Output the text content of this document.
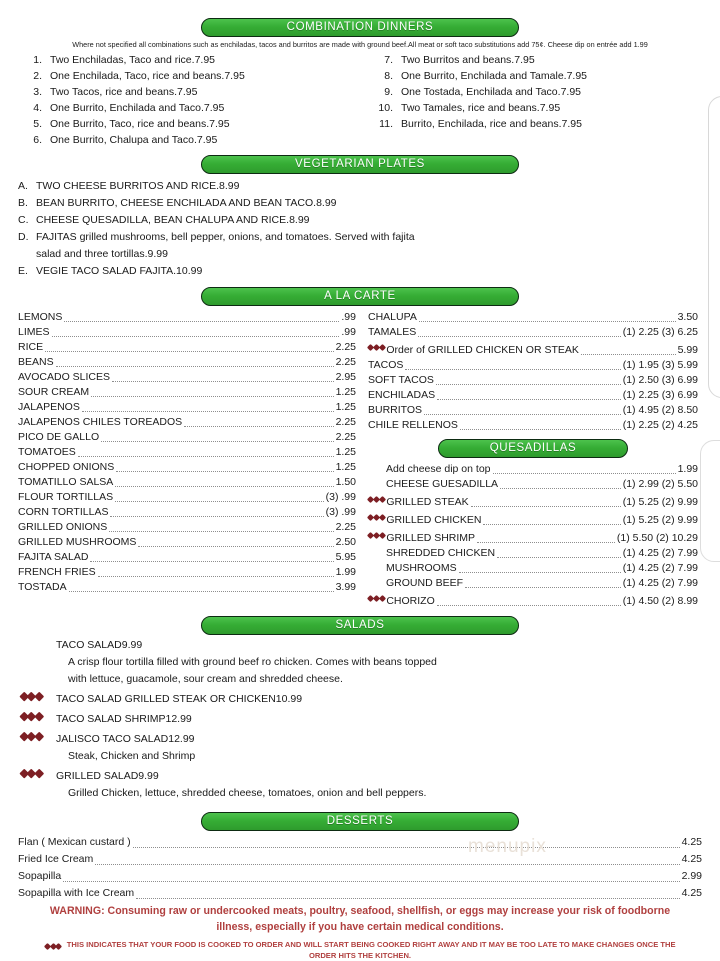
menupix
COMBINATION DINNERS
Where not specified all combinations such as enchiladas, tacos and burritos are made with ground beef.All meat or soft taco substitutions add 75¢. Cheese dip on entrée add 1.99
1. Two Enchiladas, Taco and rice. 7.95
2. One Enchilada, Taco, rice and beans. 7.95
3. Two Tacos, rice and beans. 7.95
4. One Burrito, Enchilada and Taco. 7.95
5. One Burrito, Taco, rice and beans. 7.95
6. One Burrito, Chalupa and Taco. 7.95
7. Two Burritos and beans. 7.95
8. One Burrito, Enchilada and Tamale. 7.95
9. One Tostada, Enchilada and Taco. 7.95
10. Two Tamales, rice and beans. 7.95
11. Burrito, Enchilada, rice and beans. 7.95
VEGETARIAN PLATES
A. TWO CHEESE BURRITOS AND RICE. 8.99
B. BEAN BURRITO, CHEESE ENCHILADA AND BEAN TACO. 8.99
C. CHEESE QUESADILLA, BEAN CHALUPA AND RICE. 8.99
D. FAJITAS grilled mushrooms, bell pepper, onions, and tomatoes. Served with fajita
salad and three tortillas. 9.99
E. VEGIE TACO SALAD FAJITA. 10.99
A LA CARTE
LEMONS	.99
LIMES	.99
RICE	2.25
BEANS	2.25
AVOCADO SLICES	2.95
SOUR CREAM	1.25
JALAPENOS	1.25
JALAPENOS CHILES TOREADOS	2.25
PICO DE GALLO	2.25
TOMATOES	1.25
CHOPPED ONIONS	1.25
TOMATILLO SALSA	1.50
FLOUR TORTILLAS	(3) .99
CORN TORTILLAS	(3) .99
GRILLED ONIONS	2.25
GRILLED MUSHROOMS	2.50
FAJITA SALAD	5.95
FRENCH FRIES	1.99
TOSTADA	3.99
CHALUPA	3.50
TAMALES	(1) 2.25 (3) 6.25
Order of GRILLED CHICKEN OR STEAK	5.99
TACOS	(1) 1.95 (3) 5.99
SOFT TACOS	(1) 2.50 (3) 6.99
ENCHILADAS	(1) 2.25 (3) 6.99
BURRITOS	(1) 4.95 (2) 8.50
CHILE RELLENOS	(1) 2.25 (2) 4.25
QUESADILLAS
Add cheese dip on top	1.99
CHEESE GUESADILLA	(1) 2.99 (2) 5.50
GRILLED STEAK	(1) 5.25 (2) 9.99
GRILLED CHICKEN	(1) 5.25 (2) 9.99
GRILLED SHRIMP	(1) 5.50 (2) 10.29
SHREDDED CHICKEN	(1) 4.25 (2) 7.99
MUSHROOMS	(1) 4.25 (2) 7.99
GROUND BEEF	(1) 4.25 (2) 7.99
CHORIZO	(1) 4.50 (2) 8.99
SALADS
TACO SALAD 9.99
A crisp flour tortilla filled with ground beef ro chicken. Comes with beans topped
with lettuce, guacamole, sour cream and shredded cheese.
TACO SALAD GRILLED STEAK OR CHICKEN 10.99
TACO SALAD SHRIMP 12.99
JALISCO TACO SALAD 12.99
Steak, Chicken and Shrimp
GRILLED SALAD 9.99
Grilled Chicken, lettuce, shredded cheese, tomatoes, onion and bell peppers.
DESSERTS
Flan ( Mexican custard )	4.25
Fried Ice Cream	4.25
Sopapilla	2.99
Sopapilla with Ice Cream	4.25
WARNING: Consuming raw or undercooked meats, poultry, seafood, shellfish, or eggs may increase your risk of foodborne
illness, especially if you have certain medical conditions.
THIS INDICATES THAT YOUR FOOD IS COOKED TO ORDER AND WILL START BEING COOKED RIGHT AWAY AND IT MAY BE TOO LATE TO MAKE CHANGES ONCE THE ORDER HITS THE KITCHEN.
